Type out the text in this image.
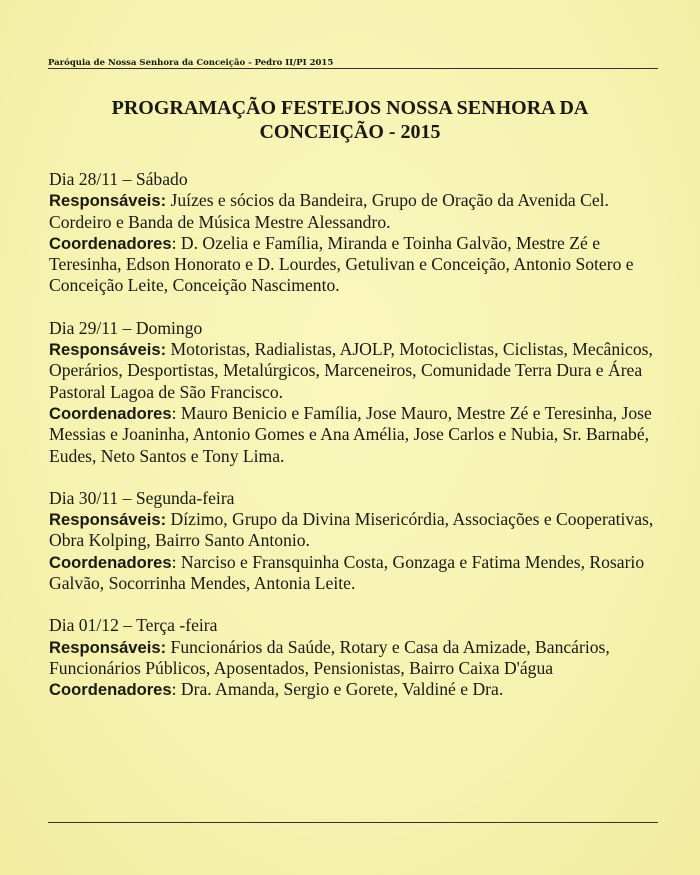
Paróquia de Nossa Senhora da Conceição - Pedro II/PI 2015
PROGRAMAÇÃO FESTEJOS NOSSA SENHORA DA
CONCEIÇÃO - 2015
Dia 28/11 – Sábado
Responsáveis: Juízes e sócios da Bandeira, Grupo de Oração da Avenida Cel. Cordeiro e Banda de Música Mestre Alessandro.
Coordenadores: D. Ozelia e Família, Miranda e Toinha Galvão, Mestre Zé e Teresinha, Edson Honorato e D. Lourdes, Getulivan e Conceição, Antonio Sotero e Conceição Leite, Conceição Nascimento.
Dia 29/11 – Domingo
Responsáveis: Motoristas, Radialistas, AJOLP, Motociclistas, Ciclistas, Mecânicos, Operários, Desportistas, Metalúrgicos, Marceneiros, Comunidade Terra Dura e Área Pastoral Lagoa de São Francisco.
Coordenadores: Mauro Benicio e Família, Jose Mauro, Mestre Zé e Teresinha, Jose Messias e Joaninha, Antonio Gomes e Ana Amélia, Jose Carlos e Nubia, Sr. Barnabé, Eudes, Neto Santos e Tony Lima.
Dia 30/11 – Segunda-feira
Responsáveis: Dízimo, Grupo da Divina Misericórdia, Associações e Cooperativas, Obra Kolping, Bairro Santo Antonio.
Coordenadores: Narciso e Fransquinha Costa, Gonzaga e Fatima Mendes, Rosario Galvão, Socorrinha Mendes, Antonia Leite.
Dia 01/12 – Terça -feira
Responsáveis: Funcionários da Saúde, Rotary e Casa da Amizade, Bancários, Funcionários Públicos, Aposentados, Pensionistas, Bairro Caixa D'água
Coordenadores: Dra. Amanda, Sergio e Gorete, Valdiné e Dra.
